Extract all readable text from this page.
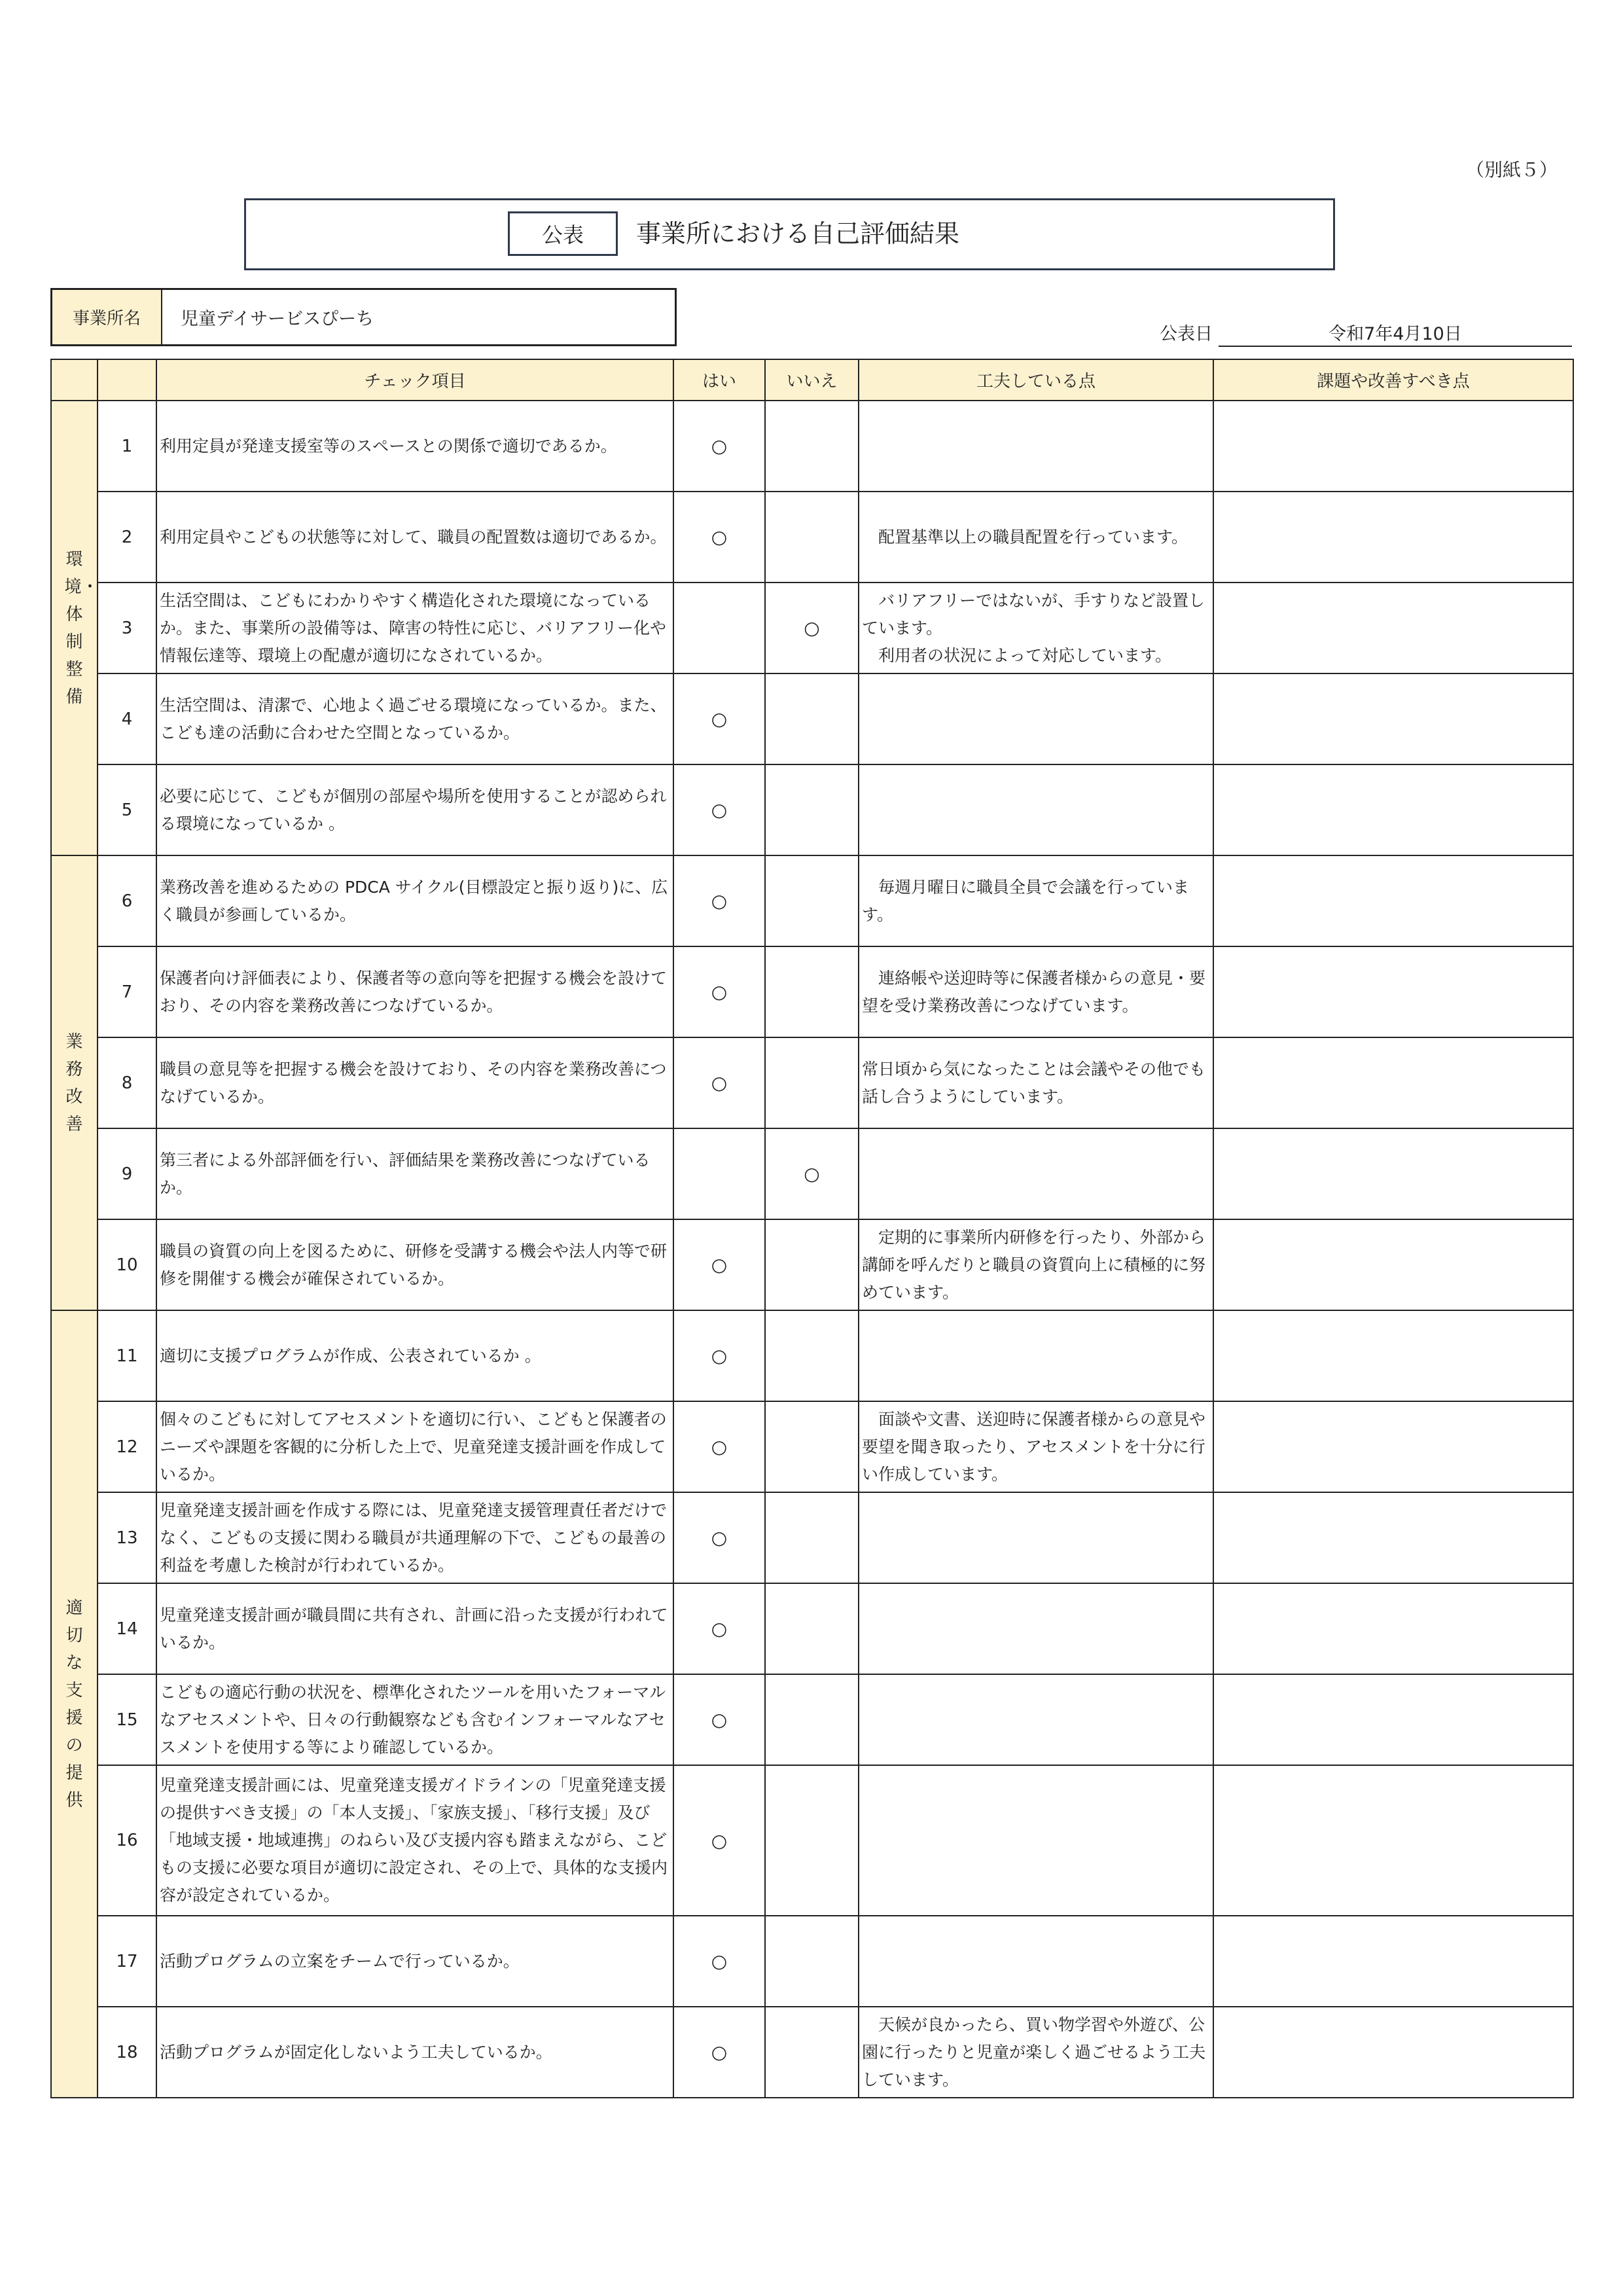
（別紙５）
公表	事業所における自己評価結果
事業所名	児童デイサービスぴーち
公表日	令和7年4月10日
		チェック項目	はい	いいえ	工夫している点	課題や改善すべき点
環境・体制整備	1	利用定員が発達支援室等のスペースとの関係で適切であるか。	○			
	2	利用定員やこどもの状態等に対して、職員の配置数は適切であるか。	○		　配置基準以上の職員配置を行っています。	
	3	生活空間は、こどもにわかりやすく構造化された環境になっているか。また、事業所の設備等は、障害の特性に応じ、バリアフリー化や情報伝達等、環境上の配慮が適切になされているか。		○	　バリアフリーではないが、手すりなど設置しています。
　利用者の状況によって対応しています。	
	4	生活空間は、清潔で、心地よく過ごせる環境になっているか。また、こども達の活動に合わせた空間となっているか。	○			
	5	必要に応じて、こどもが個別の部屋や場所を使用することが認められる環境になっているか 。	○			
業務改善	6	業務改善を進めるための PDCA サイクル(目標設定と振り返り)に、広く職員が参画しているか。	○		　毎週月曜日に職員全員で会議を行っています。	
	7	保護者向け評価表により、保護者等の意向等を把握する機会を設けており、その内容を業務改善につなげているか。	○		　連絡帳や送迎時等に保護者様からの意見・要望を受け業務改善につなげています。	
	8	職員の意見等を把握する機会を設けており、その内容を業務改善につなげているか。	○		常日頃から気になったことは会議やその他でも話し合うようにしています。	
	9	第三者による外部評価を行い、評価結果を業務改善につなげているか。		○		
	10	職員の資質の向上を図るために、研修を受講する機会や法人内等で研修を開催する機会が確保されているか。	○		　定期的に事業所内研修を行ったり、外部から講師を呼んだりと職員の資質向上に積極的に努めています。	
適切な支援の提供	11	適切に支援プログラムが作成、公表されているか 。	○			
	12	個々のこどもに対してアセスメントを適切に行い、こどもと保護者のニーズや課題を客観的に分析した上で、児童発達支援計画を作成しているか。	○		　面談や文書、送迎時に保護者様からの意見や要望を聞き取ったり、アセスメントを十分に行い作成しています。	
	13	児童発達支援計画を作成する際には、児童発達支援管理責任者だけでなく、こどもの支援に関わる職員が共通理解の下で、こどもの最善の利益を考慮した検討が行われているか。	○			
	14	児童発達支援計画が職員間に共有され、計画に沿った支援が行われているか。	○			
	15	こどもの適応行動の状況を、標準化されたツールを用いたフォーマルなアセスメントや、日々の行動観察なども含むインフォーマルなアセスメントを使用する等により確認しているか。	○			
	16	児童発達支援計画には、児童発達支援ガイドラインの「児童発達支援の提供すべき支援」の「本人支援」、「家族支援」、「移行支援」及び「地域支援・地域連携」のねらい及び支援内容も踏まえながら、こどもの支援に必要な項目が適切に設定され、その上で、具体的な支援内容が設定されているか。	○			
	17	活動プログラムの立案をチームで行っているか。	○			
	18	活動プログラムが固定化しないよう工夫しているか。	○		　天候が良かったら、買い物学習や外遊び、公園に行ったりと児童が楽しく過ごせるよう工夫しています。	
